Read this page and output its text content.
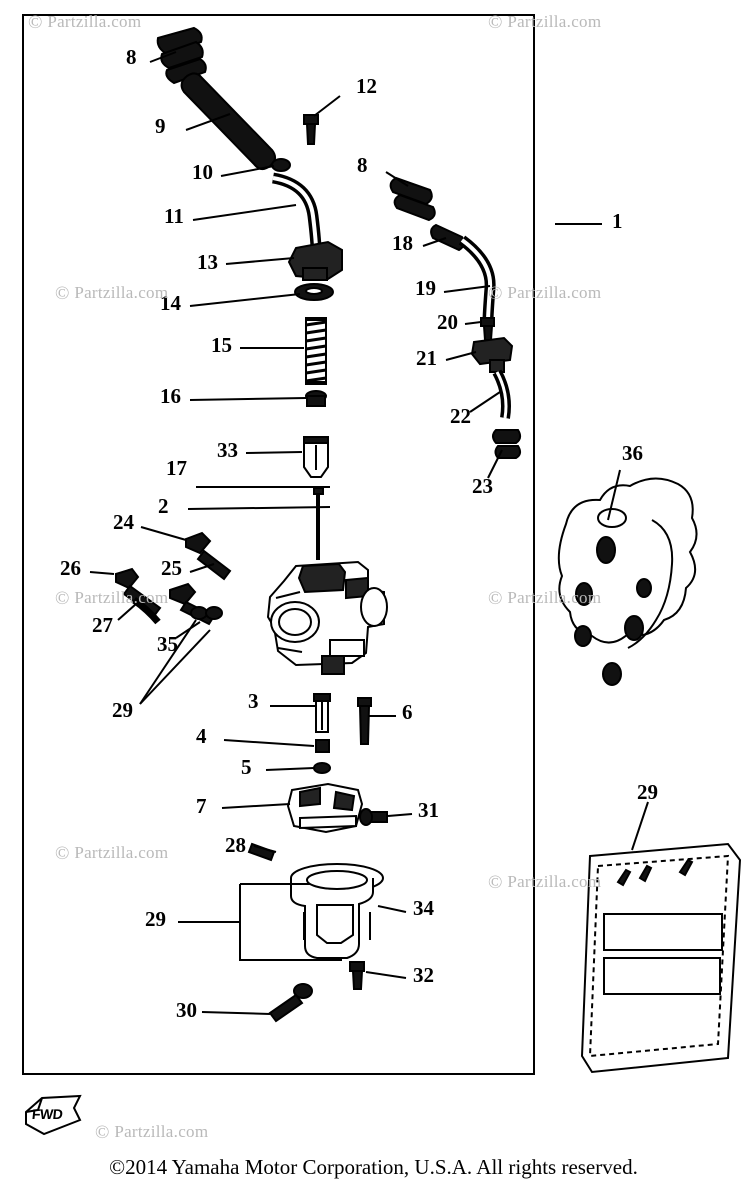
8
12
9
10	8
11	1
18
13
14
19
20
15
21
16
22
33	36
17
23
2
24
26	25
27
35
29	3	6
4
5
7	31
28
29
29	34
32
30
© Partzilla.com	© Partzilla.com
© Partzilla.com	© Partzilla.com
© Partzilla.com	© Partzilla.com
© Partzilla.com
© Partzilla.com
© Partzilla.com
FWD
©2014 Yamaha Motor Corporation, U.S.A. All rights reserved.
